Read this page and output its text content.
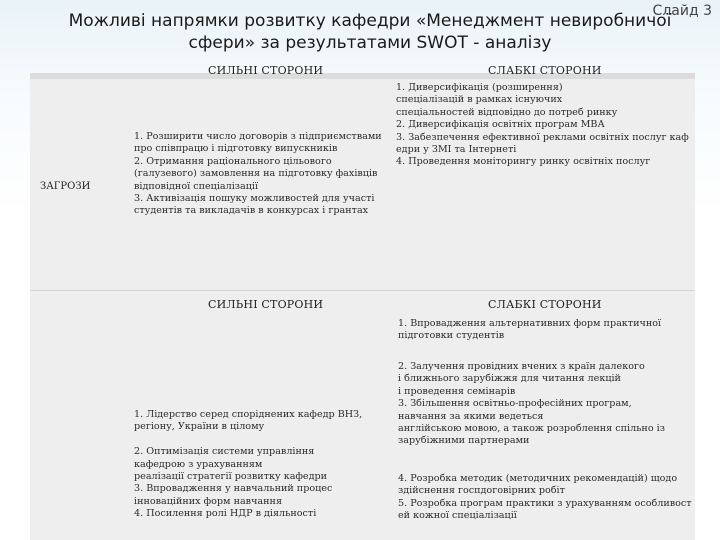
Слайд 3
Можливі напрямки розвитку кафедри «Менеджмент невиробничої сфери» за результатами SWOT - аналізу
СИЛЬНІ СТОРОНИ	СЛАБКІ СТОРОНИ
ЗАГРОЗИ
1. Розширити число договорів з підприємствами
про співпрацю і підготовку випускників
2. Отримання раціонального цільового
(галузевого) замовлення на підготовку фахівців
відповідної спеціалізації
3. Активізація пошуку можливостей для участі
студентів та викладачів в конкурсах і грантах
1. Диверсифікація (розширення)
спеціалізацій в рамках існуючих
спеціальностей відповідно до потреб ринку
2. Диверсифікація освітніх програм МВА
3. Забезпечення ефективної реклами освітніх послуг каф
едри у ЗМІ та Інтернеті
4. Проведення моніторингу ринку освітніх послуг
СИЛЬНІ СТОРОНИ	СЛАБКІ СТОРОНИ
1. Лідерство серед споріднених кафедр ВНЗ,
регіону, України в цілому

2. Оптимізація системи управління
кафедрою з урахуванням
реалізації стратегії розвитку кафедри
3. Впровадження у навчальний процес
інноваційних форм навчання
4. Посилення ролі НДР в діяльності
1. Впровадження альтернативних форм практичної
підготовки студентів
2. Залучення провідних вчених з країн далекого
і ближнього зарубіжжя для читання лекцій
і проведення семінарів
3. Збільшення освітньо-професійних програм,
навчання за якими ведеться
англійською мовою, а також розроблення спільно із
зарубіжними партнерами
4. Розробка методик (методичних рекомендацій) щодо
здійснення госпдоговірних робіт
5. Розробка програм практики з урахуванням особливост
ей кожної спеціалізації
